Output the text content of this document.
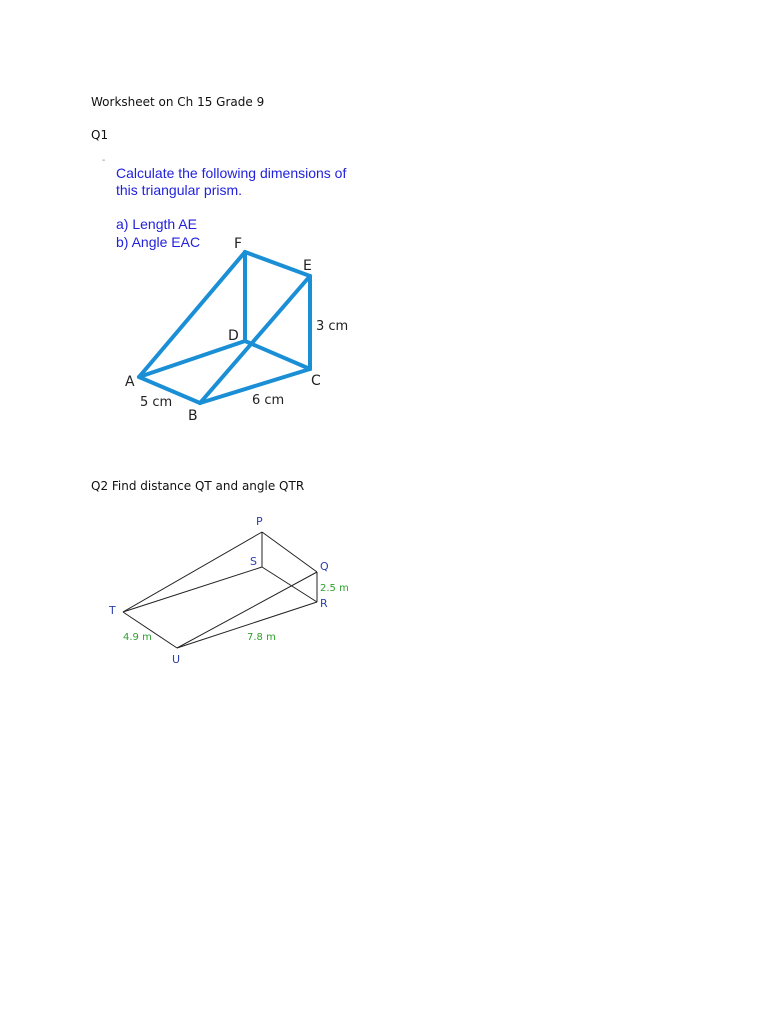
Worksheet on Ch 15 Grade 9
Q1
-
Calculate the following dimensions of
this triangular prism.
a) Length AE
b) Angle EAC F
E
D
A	C
B
3 cm
5 cm	6 cm
Q2 Find distance QT and angle QTR
P
S	Q
R
T
U
2.5 m
4.9 m	7.8 m
